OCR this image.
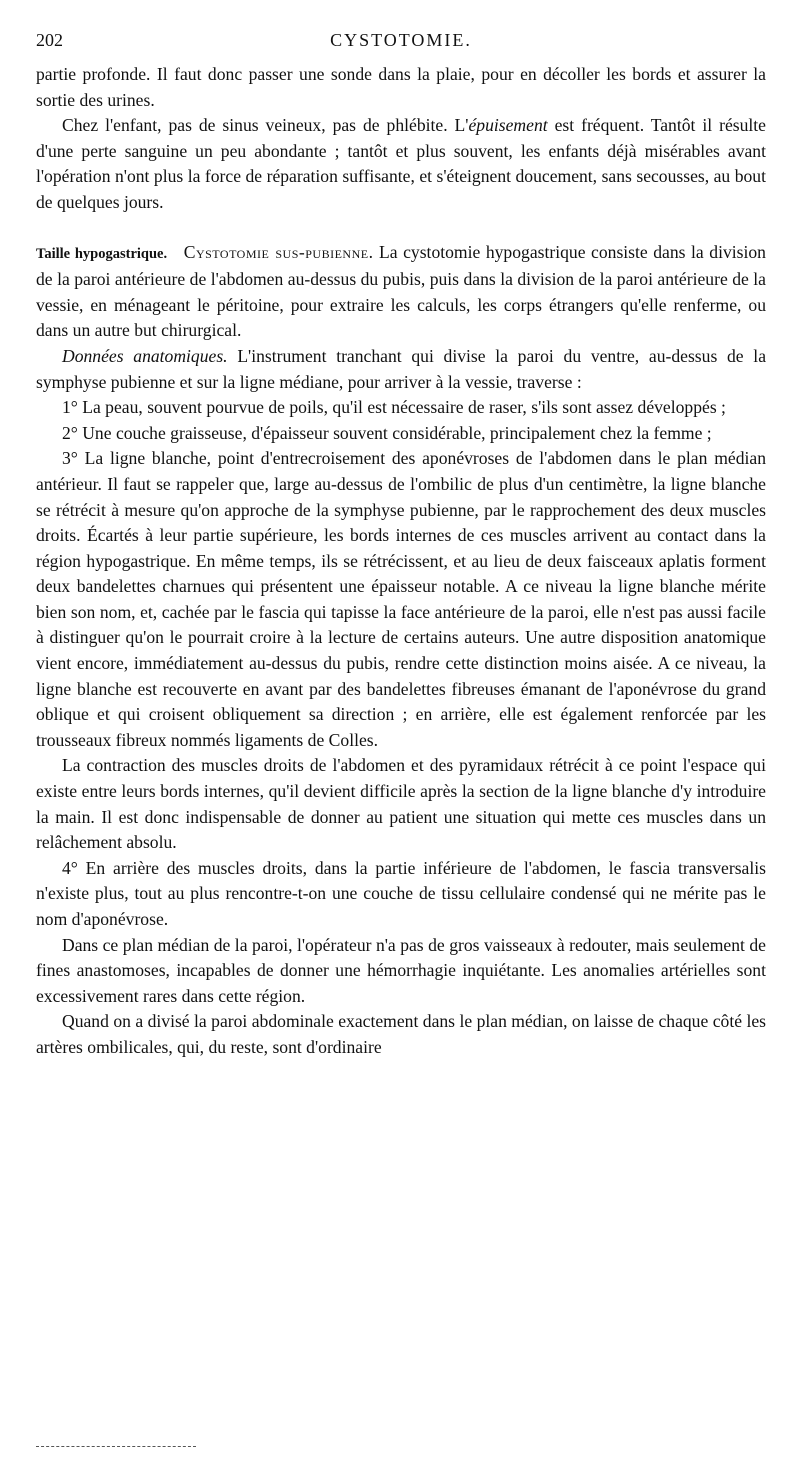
202	CYSTOTOMIE.

partie profonde. Il faut donc passer une sonde dans la plaie, pour en décoller les bords et assurer la sortie des urines.

Chez l'enfant, pas de sinus veineux, pas de phlébite. L'épuisement est fréquent. Tantôt il résulte d'une perte sanguine un peu abondante ; tantôt et plus souvent, les enfants déjà misérables avant l'opération n'ont plus la force de réparation suffisante, et s'éteignent doucement, sans secousses, au bout de quelques jours.

Taille hypogastrique. Cystotomie sus-pubienne. La cystotomie hypogastrique consiste dans la division de la paroi antérieure de l'abdomen au-dessus du pubis, puis dans la division de la paroi antérieure de la vessie, en ménageant le péritoine, pour extraire les calculs, les corps étrangers qu'elle renferme, ou dans un autre but chirurgical.

Données anatomiques. L'instrument tranchant qui divise la paroi du ventre, au-dessus de la symphyse pubienne et sur la ligne médiane, pour arriver à la vessie, traverse :

1° La peau, souvent pourvue de poils, qu'il est nécessaire de raser, s'ils sont assez développés ;

2° Une couche graisseuse, d'épaisseur souvent considérable, principalement chez la femme ;

3° La ligne blanche, point d'entrecroisement des aponévroses de l'abdomen dans le plan médian antérieur. Il faut se rappeler que, large au-dessus de l'ombilic de plus d'un centimètre, la ligne blanche se rétrécit à mesure qu'on approche de la symphyse pubienne, par le rapprochement des deux muscles droits. Écartés à leur partie supérieure, les bords internes de ces muscles arrivent au contact dans la région hypogastrique. En même temps, ils se rétrécissent, et au lieu de deux faisceaux aplatis forment deux bandelettes charnues qui présentent une épaisseur notable. A ce niveau la ligne blanche mérite bien son nom, et, cachée par le fascia qui tapisse la face antérieure de la paroi, elle n'est pas aussi facile à distinguer qu'on le pourrait croire à la lecture de certains auteurs. Une autre disposition anatomique vient encore, immédiatement au-dessus du pubis, rendre cette distinction moins aisée. A ce niveau, la ligne blanche est recouverte en avant par des bandelettes fibreuses émanant de l'aponévrose du grand oblique et qui croisent obliquement sa direction ; en arrière, elle est également renforcée par les trousseaux fibreux nommés ligaments de Colles.

La contraction des muscles droits de l'abdomen et des pyramidaux rétrécit à ce point l'espace qui existe entre leurs bords internes, qu'il devient difficile après la section de la ligne blanche d'y introduire la main. Il est donc indispensable de donner au patient une situation qui mette ces muscles dans un relâchement absolu.

4° En arrière des muscles droits, dans la partie inférieure de l'abdomen, le fascia transversalis n'existe plus, tout au plus rencontre-t-on une couche de tissu cellulaire condensé qui ne mérite pas le nom d'aponévrose.

Dans ce plan médian de la paroi, l'opérateur n'a pas de gros vaisseaux à redouter, mais seulement de fines anastomoses, incapables de donner une hémorrhagie inquiétante. Les anomalies artérielles sont excessivement rares dans cette région.

Quand on a divisé la paroi abdominale exactement dans le plan médian, on laisse de chaque côté les artères ombilicales, qui, du reste, sont d'ordinaire
